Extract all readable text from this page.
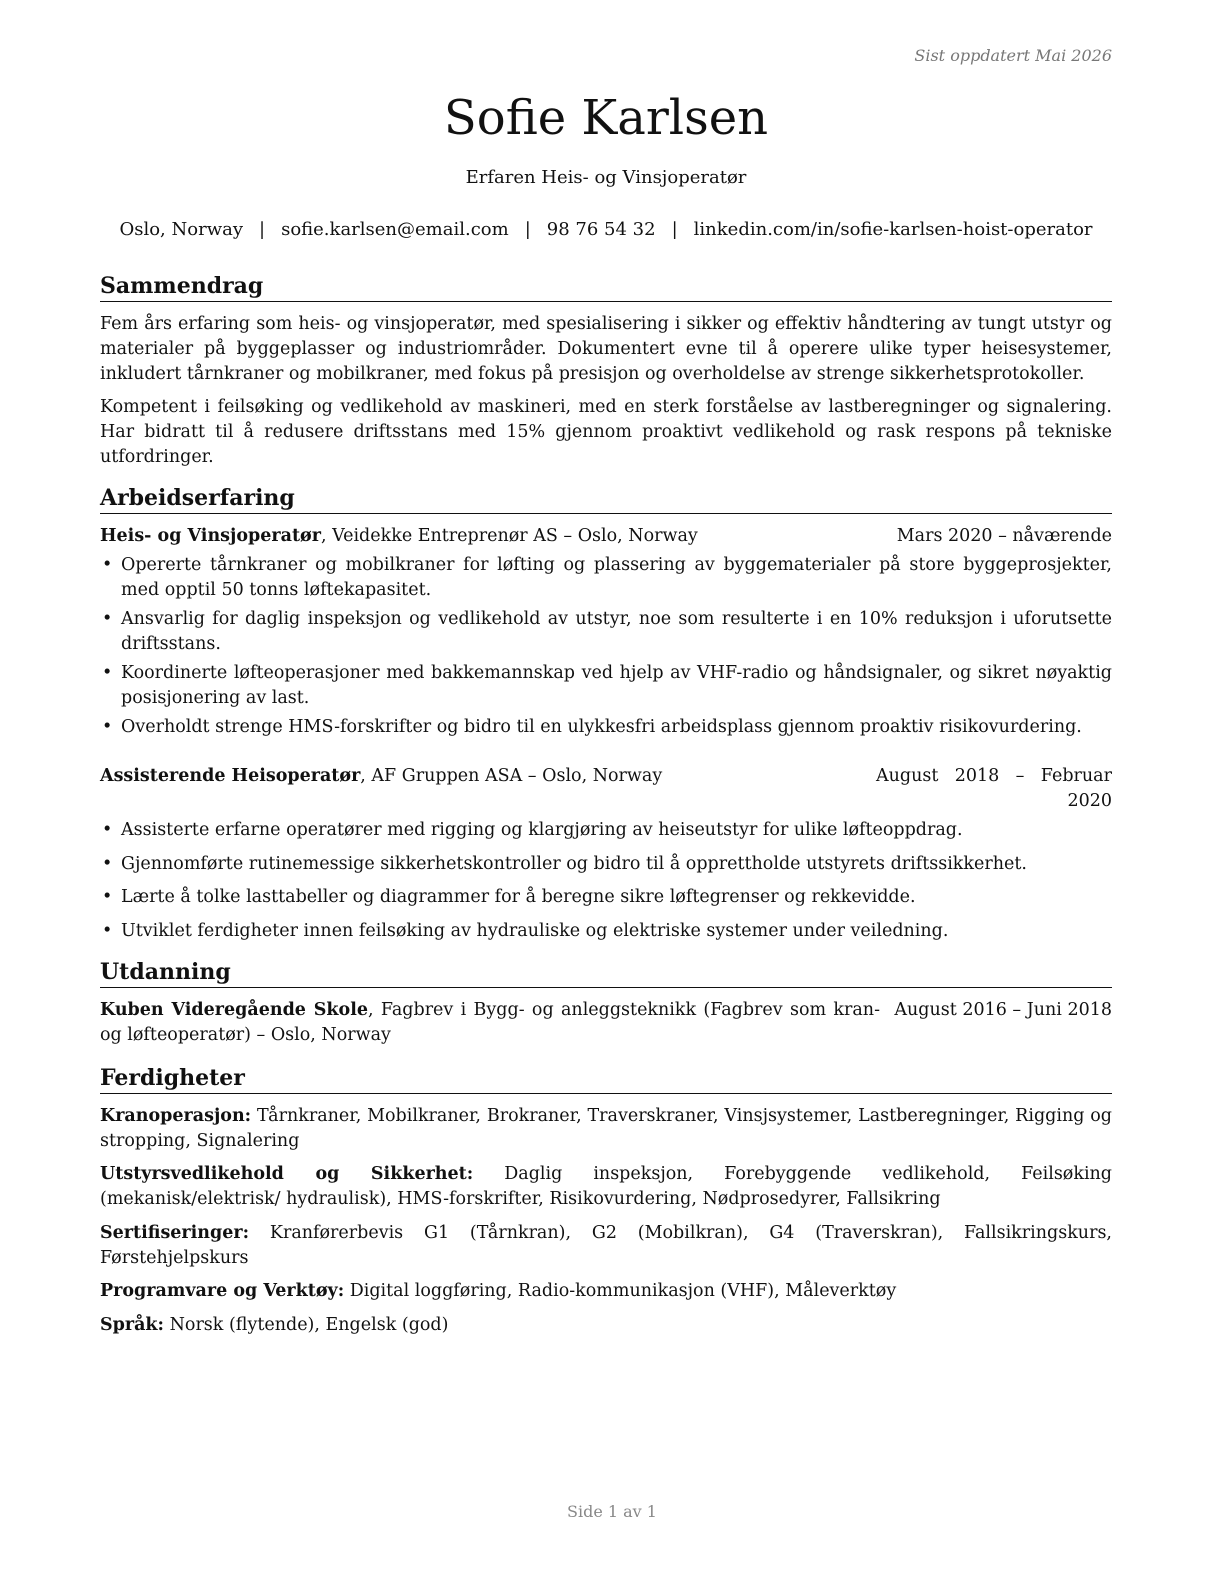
Sist oppdatert Mai 2026
Sofie Karlsen
Erfaren Heis- og Vinsjoperatør
Oslo, Norway | sofie.karlsen@email.com | 98 76 54 32 | linkedin.com/in/sofie-karlsen-hoist-operator
Sammendrag

Fem års erfaring som heis- og vinsjoperatør, med spesialisering i sikker og effektiv håndtering av tungt utstyr og materialer på byggeplasser og industriområder. Dokumentert evne til å operere ulike typer heisesystemer, inkludert tårnkraner og mobilkraner, med fokus på presisjon og overholdelse av strenge sikkerhetsprotokoller.

Kompetent i feilsøking og vedlikehold av maskineri, med en sterk forståelse av lastberegninger og signalering. Har bidratt til å redusere driftsstans med 15% gjennom proaktivt vedlikehold og rask respons på tekniske utfordringer.

Arbeidserfaring
Heis- og Vinsjoperatør, Veidekke Entreprenør AS – Oslo, Norway	Mars 2020 – nåværende
• Opererte tårnkraner og mobilkraner for løfting og plassering av byggematerialer på store byggeprosjekter, med opptil 50 tonns løftekapasitet.
• Ansvarlig for daglig inspeksjon og vedlikehold av utstyr, noe som resulterte i en 10% reduksjon i uforutsette driftsstans.
• Koordinerte løfteoperasjoner med bakkemannskap ved hjelp av VHF-radio og håndsignaler, og sikret nøyaktig posisjonering av last.
• Overholdt strenge HMS-forskrifter og bidro til en ulykkesfri arbeidsplass gjennom proaktiv risikovurdering.
Assisterende Heisoperatør, AF Gruppen ASA – Oslo, Norway	August 2018 – Februar 2020
• Assisterte erfarne operatører med rigging og klargjøring av heiseutstyr for ulike løfteoppdrag.
• Gjennomførte rutinemessige sikkerhetskontroller og bidro til å opprettholde utstyrets driftssikkerhet.
• Lærte å tolke lasttabeller og diagrammer for å beregne sikre løftegrenser og rekkevidde.
• Utviklet ferdigheter innen feilsøking av hydrauliske og elektriske systemer under veiledning.
Utdanning
Kuben Videregående Skole, Fagbrev i Bygg- og anleggsteknikk (Fagbrev som kran- og løfteoperatør) – Oslo, Norway
August 2016 – Juni 2018
Ferdigheter
Kranoperasjon: Tårnkraner, Mobilkraner, Brokraner, Traverskraner, Vinsjsystemer, Lastberegninger, Rigging og stropping, Signalering
Utstyrsvedlikehold og Sikkerhet: Daglig inspeksjon, Forebyggende vedlikehold, Feilsøking (mekanisk/elektrisk/ hydraulisk), HMS-forskrifter, Risikovurdering, Nødprosedyrer, Fallsikring
Sertifiseringer: Kranførerbevis G1 (Tårnkran), G2 (Mobilkran), G4 (Traverskran), Fallsikringskurs, Førstehjelpskurs
Programvare og Verktøy: Digital loggføring, Radio-kommunikasjon (VHF), Måleverktøy
Språk: Norsk (flytende), Engelsk (god)
Side 1 av 1
